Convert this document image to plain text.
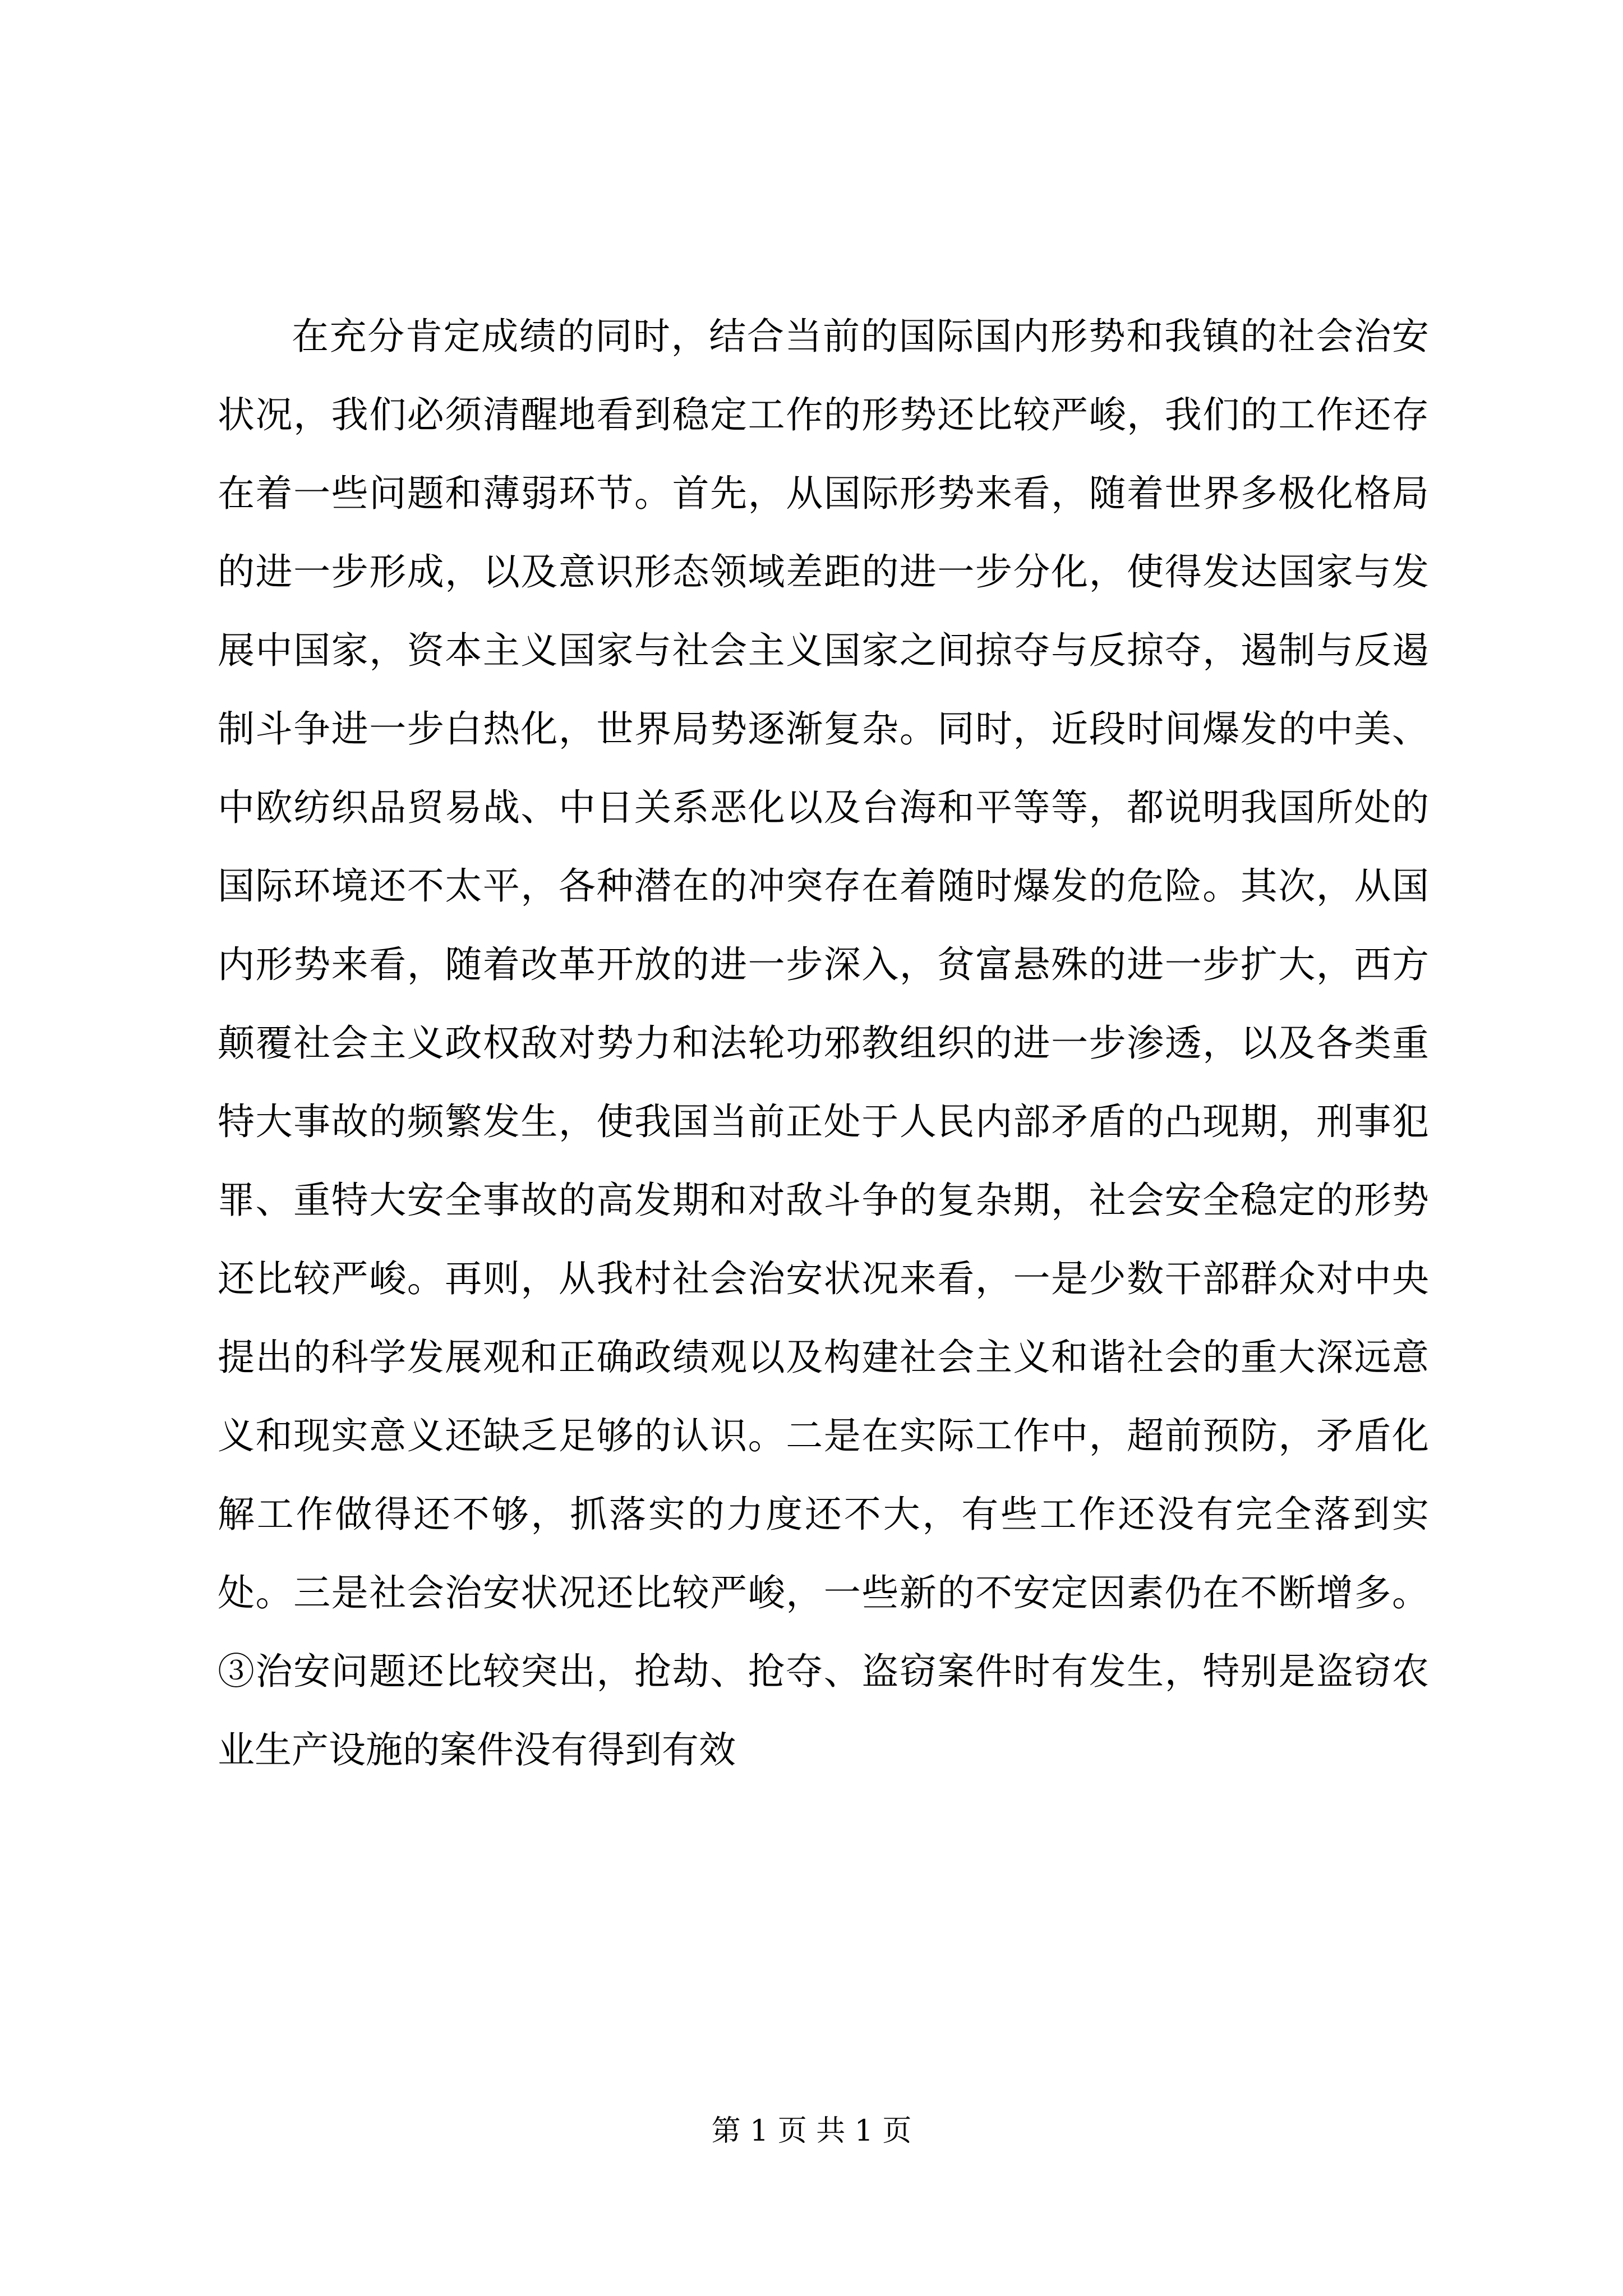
在充分肯定成绩的同时，结合当前的国际国内形势和我镇的社会治安状况，我们必须清醒地看到稳定工作的形势还比较严峻，我们的工作还存在着一些问题和薄弱环节。首先，从国际形势来看，随着世界多极化格局的进一步形成，以及意识形态领域差距的进一步分化，使得发达国家与发展中国家，资本主义国家与社会主义国家之间掠夺与反掠夺，遏制与反遏制斗争进一步白热化，世界局势逐渐复杂。同时，近段时间爆发的中美、中欧纺织品贸易战、中日关系恶化以及台海和平等等，都说明我国所处的国际环境还不太平，各种潜在的冲突存在着随时爆发的危险。其次，从国内形势来看，随着改革开放的进一步深入，贫富悬殊的进一步扩大，西方颠覆社会主义政权敌对势力和法轮功邪教组织的进一步渗透，以及各类重特大事故的频繁发生，使我国当前正处于人民内部矛盾的凸现期，刑事犯罪、重特大安全事故的高发期和对敌斗争的复杂期，社会安全稳定的形势还比较严峻。再则，从我村社会治安状况来看，一是少数干部群众对中央提出的科学发展观和正确政绩观以及构建社会主义和谐社会的重大深远意义和现实意义还缺乏足够的认识。二是在实际工作中，超前预防，矛盾化解工作做得还不够，抓落实的力度还不大，有些工作还没有完全落到实处。三是社会治安状况还比较严峻，一些新的不安定因素仍在不断增多。③治安问题还比较突出，抢劫、抢夺、盗窃案件时有发生，特别是盗窃农业生产设施的案件没有得到有效

第 1 页 共 1 页
